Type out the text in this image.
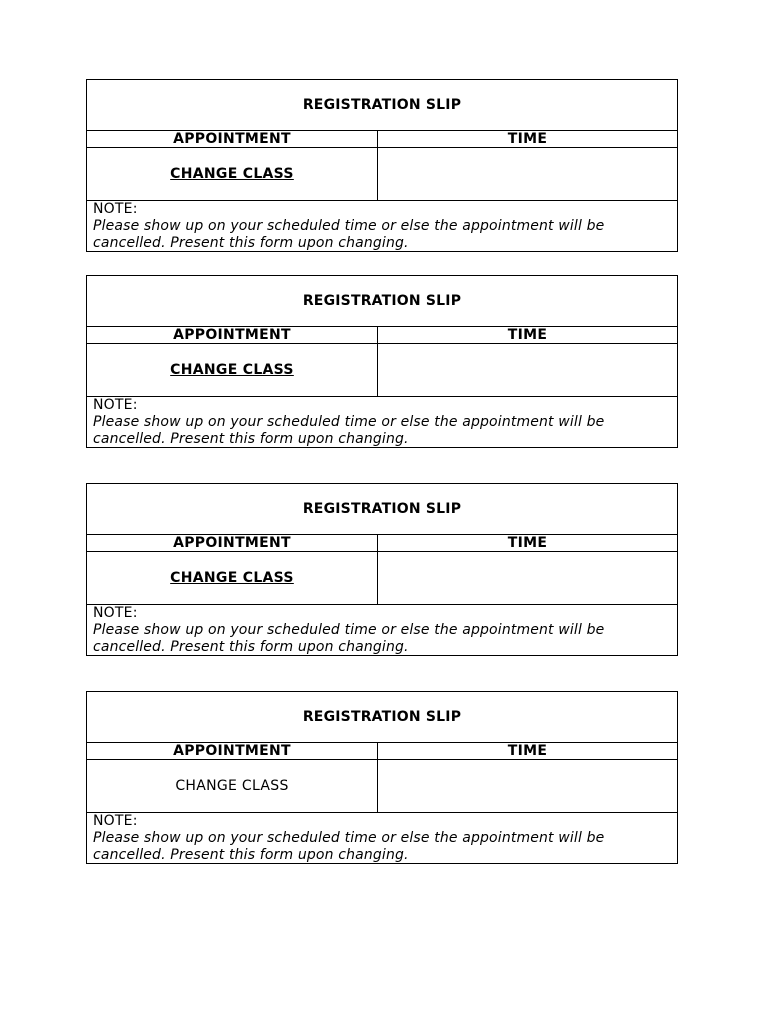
REGISTRATION SLIP
APPOINTMENT	TIME
CHANGE CLASS
NOTE:
Please show up on your scheduled time or else the appointment will be cancelled. Present this form upon changing.
REGISTRATION SLIP
APPOINTMENT	TIME
CHANGE CLASS
NOTE:
Please show up on your scheduled time or else the appointment will be cancelled. Present this form upon changing.
REGISTRATION SLIP
APPOINTMENT	TIME
CHANGE CLASS
NOTE:
Please show up on your scheduled time or else the appointment will be cancelled. Present this form upon changing.
REGISTRATION SLIP
APPOINTMENT	TIME
CHANGE CLASS
NOTE:
Please show up on your scheduled time or else the appointment will be cancelled. Present this form upon changing.
